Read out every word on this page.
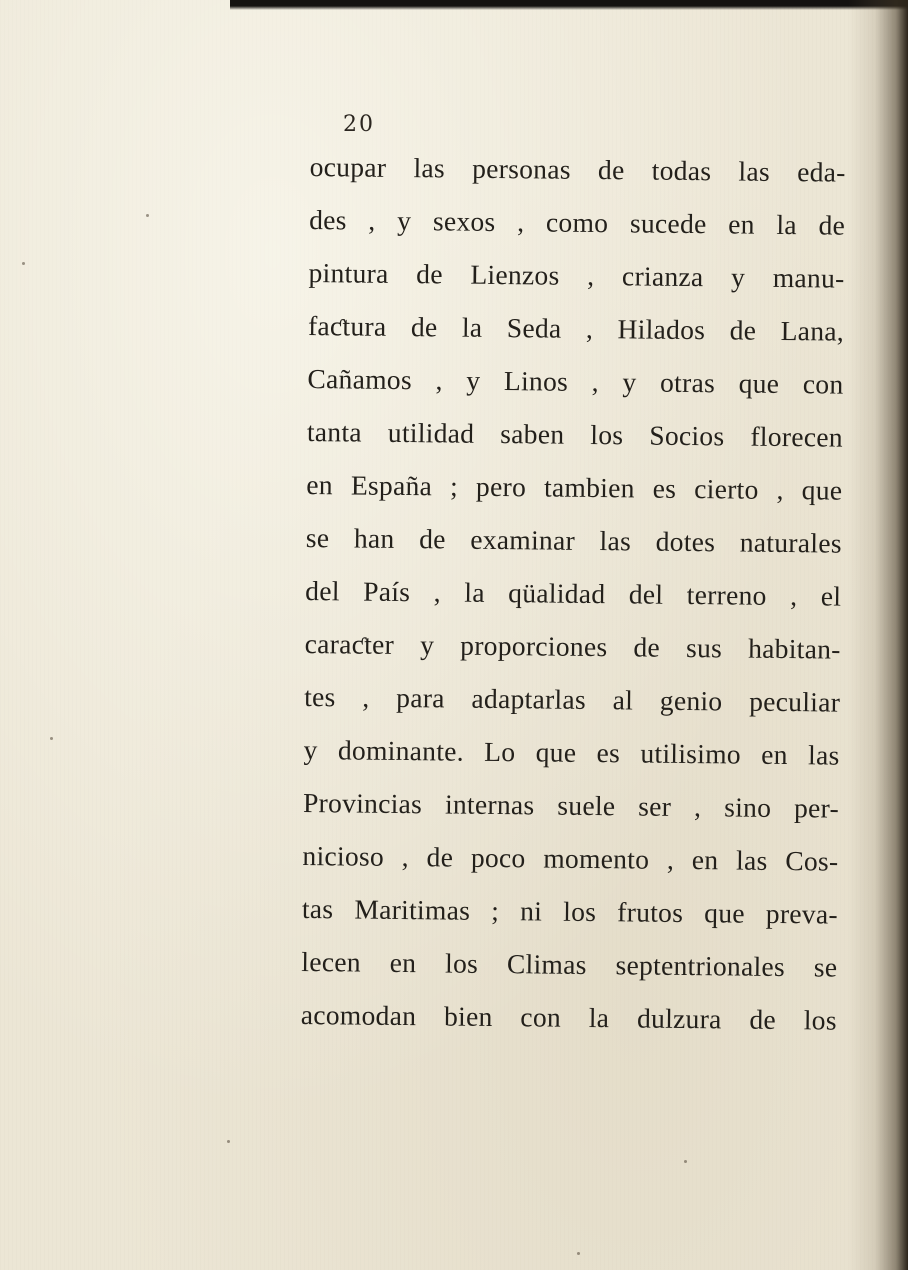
20
ocupar las personas de todas las eda-
des , y sexos , como sucede en la de
pintura de Lienzos , crianza y manu-
faƈtura de la Seda , Hilados de Lana,
Cañamos , y Linos , y otras que con
tanta utilidad saben los Socios florecen
en España ; pero tambien es cierto , que
se han de examinar las dotes naturales
del País , la qüalidad del terreno , el
caraƈter y proporciones de sus habitan-
tes , para adaptarlas al genio peculiar
y dominante. Lo que es utilisimo en las
Provincias internas suele ser , sino per-
nicioso , de poco momento , en las Cos-
tas Maritimas ; ni los frutos que preva-
lecen en los Climas septentrionales se
acomodan bien con la dulzura de los
